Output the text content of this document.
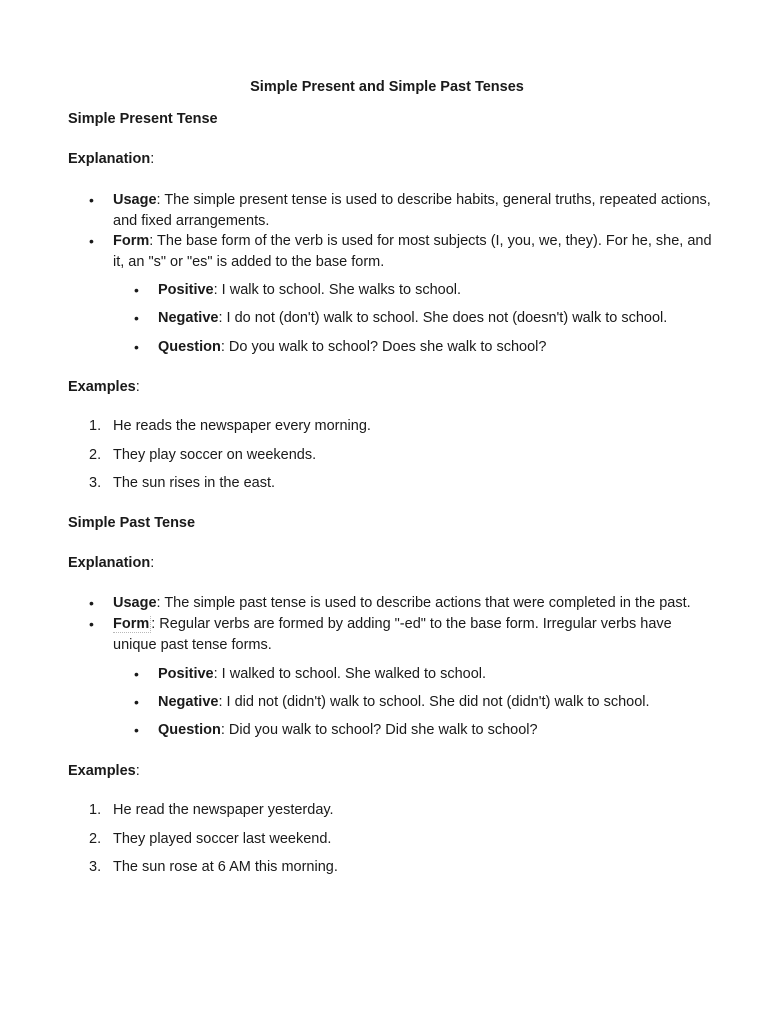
Simple Present and Simple Past Tenses
Simple Present Tense
Explanation:
• Usage: The simple present tense is used to describe habits, general truths, repeated actions, and fixed arrangements.
• Form: The base form of the verb is used for most subjects (I, you, we, they). For he, she, and it, an "s" or "es" is added to the base form.
• Positive: I walk to school. She walks to school.
• Negative: I do not (don't) walk to school. She does not (doesn't) walk to school.
• Question: Do you walk to school? Does she walk to school?
Examples:
1. He reads the newspaper every morning.
2. They play soccer on weekends.
3. The sun rises in the east.
Simple Past Tense
Explanation:
• Usage: The simple past tense is used to describe actions that were completed in the past.
• Form : Regular verbs are formed by adding "-ed" to the base form. Irregular verbs have unique past tense forms.
• Positive: I walked to school. She walked to school.
• Negative: I did not (didn't) walk to school. She did not (didn't) walk to school.
• Question: Did you walk to school? Did she walk to school?
Examples:
1. He read the newspaper yesterday.
2. They played soccer last weekend.
3. The sun rose at 6 AM this morning.
